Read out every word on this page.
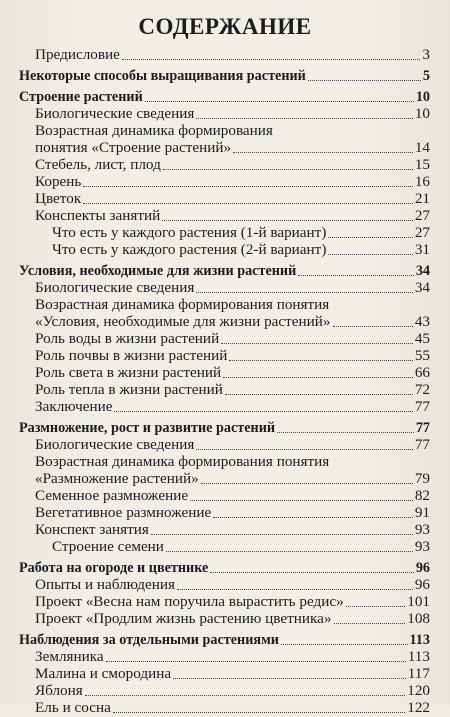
СОДЕРЖАНИЕ
Предисловие	3
Некоторые способы выращивания растений	5
Строение растений	10
Биологические сведения	10
Возрастная динамика формирования
понятия «Строение растений»	14
Стебель, лист, плод	15
Корень	16
Цветок	21
Конспекты занятий	27
Что есть у каждого растения (1-й вариант)	27
Что есть у каждого растения (2-й вариант)	31
Условия, необходимые для жизни растений	34
Биологические сведения	34
Возрастная динамика формирования понятия
«Условия, необходимые для жизни растений»	43
Роль воды в жизни растений	45
Роль почвы в жизни растений	55
Роль света в жизни растений	66
Роль тепла в жизни растений	72
Заключение	77
Размножение, рост и развитие растений	77
Биологические сведения	77
Возрастная динамика формирования понятия
«Размножение растений»	79
Семенное размножение	82
Вегетативное размножение	91
Конспект занятия	93
Строение семени	93
Работа на огороде и цветнике	96
Опыты и наблюдения	96
Проект «Весна нам поручила вырастить редис»	101
Проект «Продлим жизнь растению цветника»	108
Наблюдения за отдельными растениями	113
Земляника	113
Малина и смородина	117
Яблоня	120
Ель и сосна	122
